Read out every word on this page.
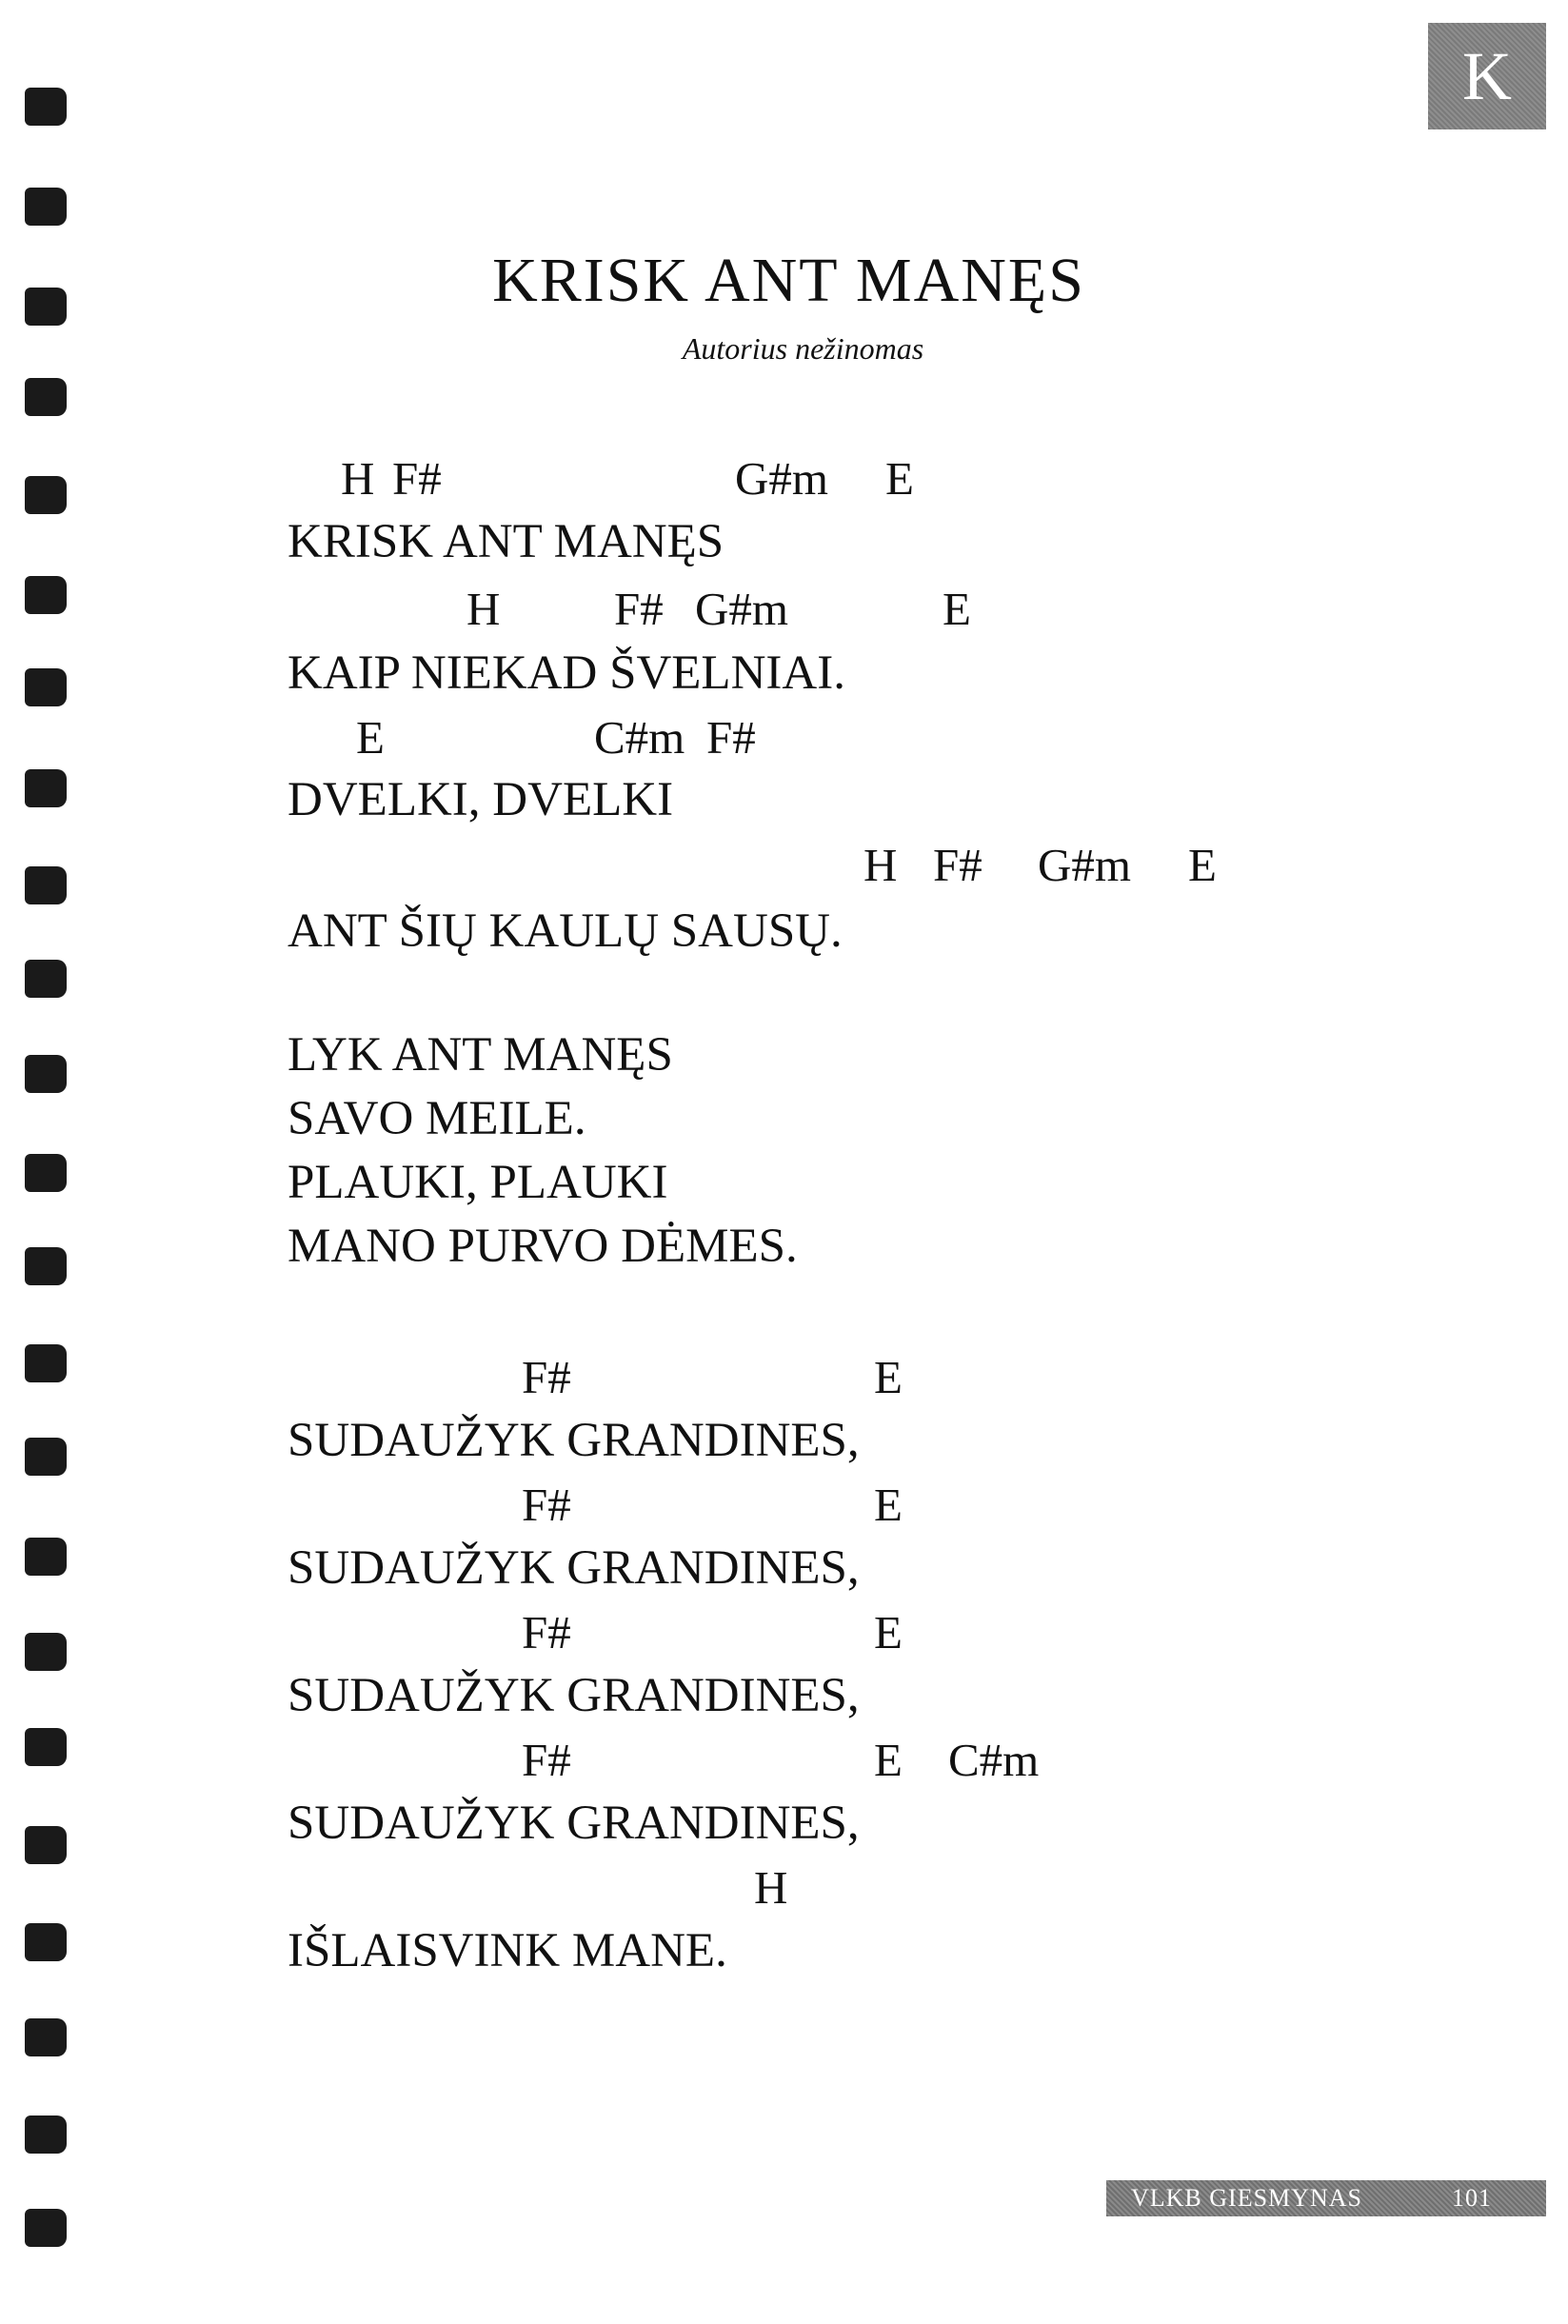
K
KRISK ANT MANĘS
Autorius nežinomas
H F#	G#m E
KRISK ANT MANĘS
H F# G#m	E
KAIP NIEKAD ŠVELNIAI.
E	C#m F#
DVELKI, DVELKI
H F# G#m E
ANT ŠIŲ KAULŲ SAUSŲ.
LYK ANT MANĘS
SAVO MEILE.
PLAUKI, PLAUKI
MANO PURVO DĖMES.
F#	E
SUDAUŽYK GRANDINES,
F#	E
SUDAUŽYK GRANDINES,
F#	E
SUDAUŽYK GRANDINES,
F#	E C#m
SUDAUŽYK GRANDINES,
H
IŠLAISVINK MANE.
VLKB GIESMYNAS	101
